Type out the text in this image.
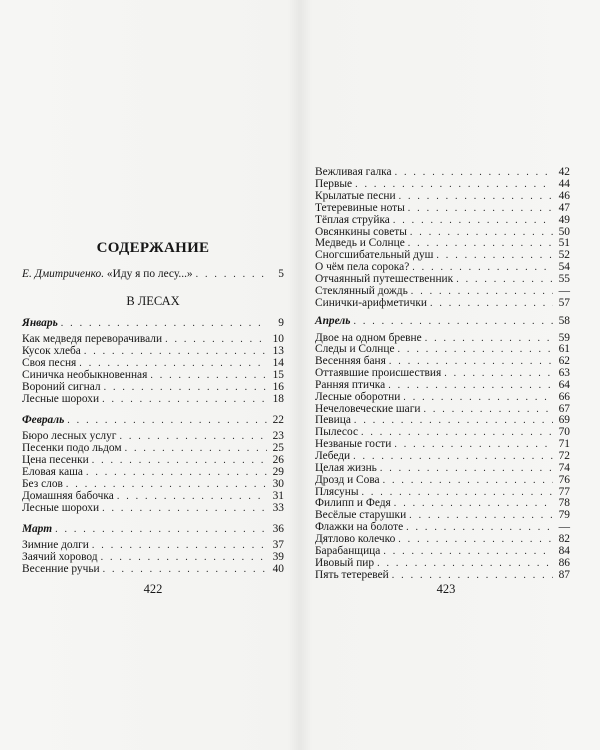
СОДЕРЖАНИЕ
Е. Дмитриченко. «Иду я по лесу...» . . .	5
В ЛЕСАХ
Январь . . .	9
Как медведя переворачивали . . .	10
Кусок хлеба . . .	13
Своя песня . . .	14
Синичка необыкновенная . . .	15
Вороний сигнал . . .	16
Лесные шорохи . . .	18
Февраль . . .	22
Бюро лесных услуг . . .	23
Песенки подо льдом . . .	25
Цена песенки . . .	26
Еловая каша . . .	29
Без слов . . .	30
Домашняя бабочка . . .	31
Лесные шорохи . . .	33
Март . . .	36
Зимние долги . . .	37
Заячий хоровод . . .	39
Весенние ручьи . . .	40
422
Вежливая галка . . .	42
Первые . . .	44
Крылатые песни . . .	46
Тетеревиные ноты . . .	47
Тёплая струйка . . .	49
Овсянкины советы . . .	50
Медведь и Солнце . . .	51
Сногсшибательный душ . . .	52
О чём пела сорока? . . .	54
Отчаянный путешественник . . .	55
Стеклянный дождь . . .	—
Синички-арифметички . . .	57
Апрель . . .	58
Двое на одном бревне . . .	59
Следы и Солнце . . .	61
Весенняя баня . . .	62
Оттаявшие происшествия . . .	63
Ранняя птичка . . .	64
Лесные оборотни . . .	66
Нечеловеческие шаги . . .	67
Певица . . .	69
Пылесос . . .	70
Незваные гости . . .	71
Лебеди . . .	72
Целая жизнь . . .	74
Дрозд и Сова . . .	76
Плясуны . . .	77
Филипп и Федя . . .	78
Весёлые старушки . . .	79
Флажки на болоте . . .	—
Дятлово колечко . . .	82
Барабанщица . . .	84
Ивовый пир . . .	86
Пять тетеревей . . .	87
423
